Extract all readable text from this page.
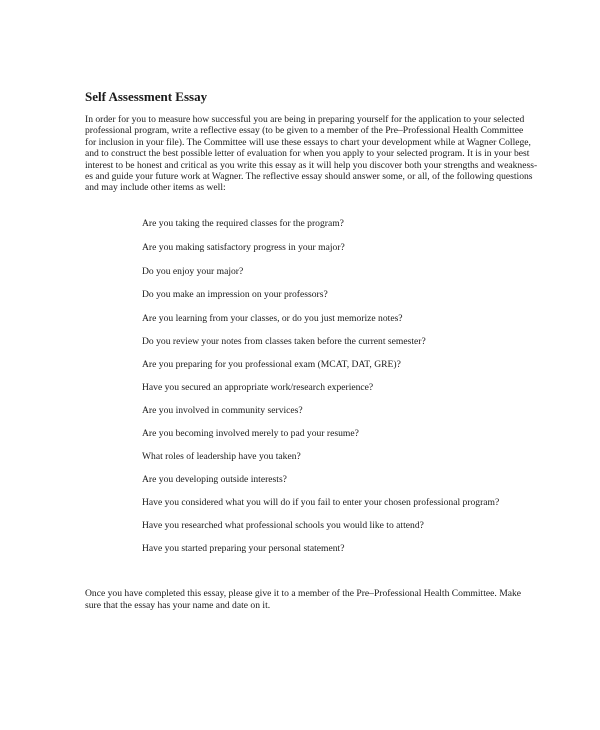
Self Assessment Essay

In order for you to measure how successful you are being in preparing yourself for the application to your selected
professional program, write a reflective essay (to be given to a member of the Pre–Professional Health Committee
for inclusion in your file). The Committee will use these essays to chart your development while at Wagner College,
and to construct the best possible letter of evaluation for when you apply to your selected program. It is in your best
interest to be honest and critical as you write this essay as it will help you discover both your strengths and weakness-
es and guide your future work at Wagner. The reflective essay should answer some, or all, of the following questions
and may include other items as well:

Are you taking the required classes for the program?
Are you making satisfactory progress in your major?
Do you enjoy your major?
Do you make an impression on your professors?
Are you learning from your classes, or do you just memorize notes?
Do you review your notes from classes taken before the current semester?
Are you preparing for you professional exam (MCAT, DAT, GRE)?
Have you secured an appropriate work/research experience?
Are you involved in community services?
Are you becoming involved merely to pad your resume?
What roles of leadership have you taken?
Are you developing outside interests?
Have you considered what you will do if you fail to enter your chosen professional program?
Have you researched what professional schools you would like to attend?
Have you started preparing your personal statement?

Once you have completed this essay, please give it to a member of the Pre–Professional Health Committee. Make
sure that the essay has your name and date on it.
